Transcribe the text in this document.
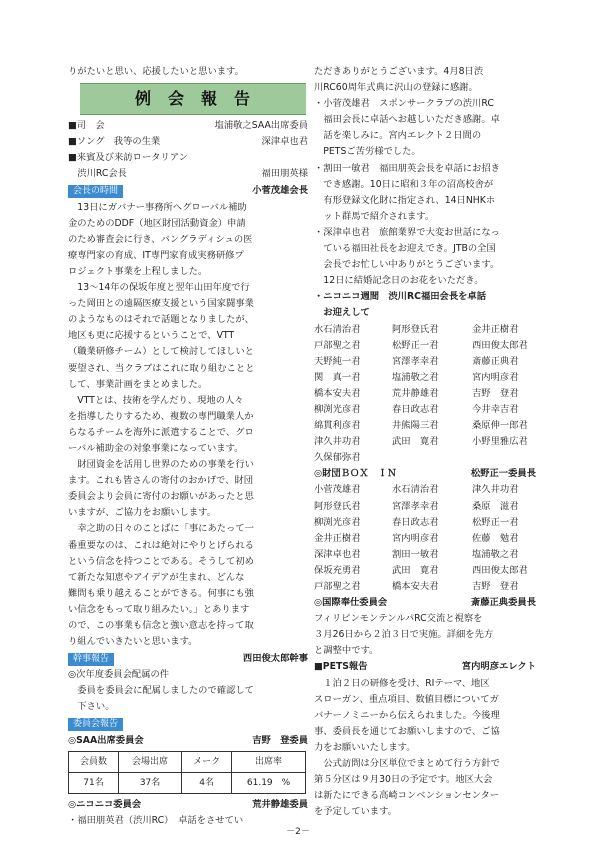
りがたいと思い、応援したいと思います。
例会報告
■司　会	塩浦敬之SAA出席委員
■ソング　我等の生業	深津卓也君
■来賓及び来訪ロータリアン
　渋川RC会長	福田朋英様
会長の時間	小菅茂雄会長
13日にガバナー事務所へグローバル補助
金のためのDDF（地区財団活動資金）申請
のため審査会に行き、バングラディシュの医
療専門家の育成、IT専門家育成実務研修プ
ロジェクト事業を上程しました。
13～14年の保坂年度と翌年山田年度で行
った岡田との遠隔医療支援という国家闘事業
のようなものはそれで話題となりましたが、
地区も更に応援するということで、VTT
（職業研修チーム）として検討してほしいと
要望され、当クラブはこれに取り組むことと
して、事業計画をまとめました。
VTTとは、技術を学んだり、現地の人々
を指導したりするため、複数の専門職業人か
らなるチームを海外に派遣することで、グロ
ーバル補助金の対象事業になっています。
財団資金を活用し世界のための事業を行い
ます。これも皆さんの寄付のおかげで、財団
委員会より会員に寄付のお願いがあったと思
いますが、ご協力をお願いします。
幸之助の日々のことばに「事にあたって一
番重要なのは、これは絶対にやりとげられる
という信念を持つことである。そうして初め
て新たな知恵やアイデアが生まれ、どんな
難問も乗り越えることができる。何事にも強
い信念をもって取り組みたい。」とあります
ので、この事業も信念と強い意志を持って取
り組んでいきたいと思います。
幹事報告	西田俊太郎幹事
◎次年度委員会配属の件
　委員を委員会に配属しましたので確認して
　下さい。
委員会報告
◎SAA出席委員会	吉野　登委員
会員数	会場出席	メーク	出席率
71名	37名	4名	61.19　%
◎ニコニコ委員会	荒井静雄委員
・福田朋英君（渋川RC）　卓話をさせてい
ただきありがとうございます。4月8日渋
川RC60周年式典に沢山の登録に感謝。
・小菅茂雄君　スポンサークラブの渋川RC
　福田会長に卓話へお越しいただき感謝。卓
　話を楽しみに。宮内エレクト２日間の
　PETSご苦労様でした。
・割田一敏君　福田朋英会長を卓話にお招き
　でき感謝。10日に昭和３年の沼高校舎が
　有形登録文化財に指定され、14日NHKホ
　ット群馬で紹介されます。
・深津卓也君　旅館業界で大変お世話になっ
　ている福田社長をお迎えでき。JTBの全国
　会長でお忙しい中ありがとうございます。
　12日に結婚記念日のお花をいただき。
・ニコニコ週間　渋川RC福田会長を卓話
　お迎えして
水石清治君	阿形登氏君	金井正樹君
戸部聖之君	松野正一君	西田俊太郎君
天野純一君	宮澤孝幸君	斎藤正典君
関　真一君	塩浦敬之君	宮内明彦君
橋本安夫君	荒井静雄君	吉野　登君
柳渕光彦君	春日政志君	今井幸吉君
綿貫利彦君	井熊陽三君	桑原伸一郎君
津久井功君	武田　寛君	小野里雅広君
久保郁弥君
◎財団ＢＯＸ　ＩＮ	松野正一委員長
小菅茂雄君	水石清治君	津久井功君
阿形登氏君	宮澤孝幸君	桑原　滋君
柳渕光彦君	春日政志君	松野正一君
金井正樹君	宮内明彦君	佐藤　勉君
深津卓也君	割田一敏君	塩浦敬之君
保坂充勇君	武田　寛君	西田俊太郎君
戸部聖之君	橋本安夫君	吉野　登君
◎国際奉仕委員会	斎藤正典委員長
フィリピンモンテンルパRC交流と視察を
３月26日から２泊３日で実施。詳細を先方
と調整中です。
■PETS報告	宮内明彦エレクト
１泊２日の研修を受け、RIテーマ、地区
スローガン、重点項目、数値目標についてガ
バナーノミニーから伝えられました。今後理
事、委員長を通じてお願いしますので、ご協
力をお願いいたします。
公式訪問は分区単位でまとめて行う方針で
第５分区は９月30日の予定です。地区大会
は新たにできる高崎コンベンションセンター
を予定しています。
－2－
